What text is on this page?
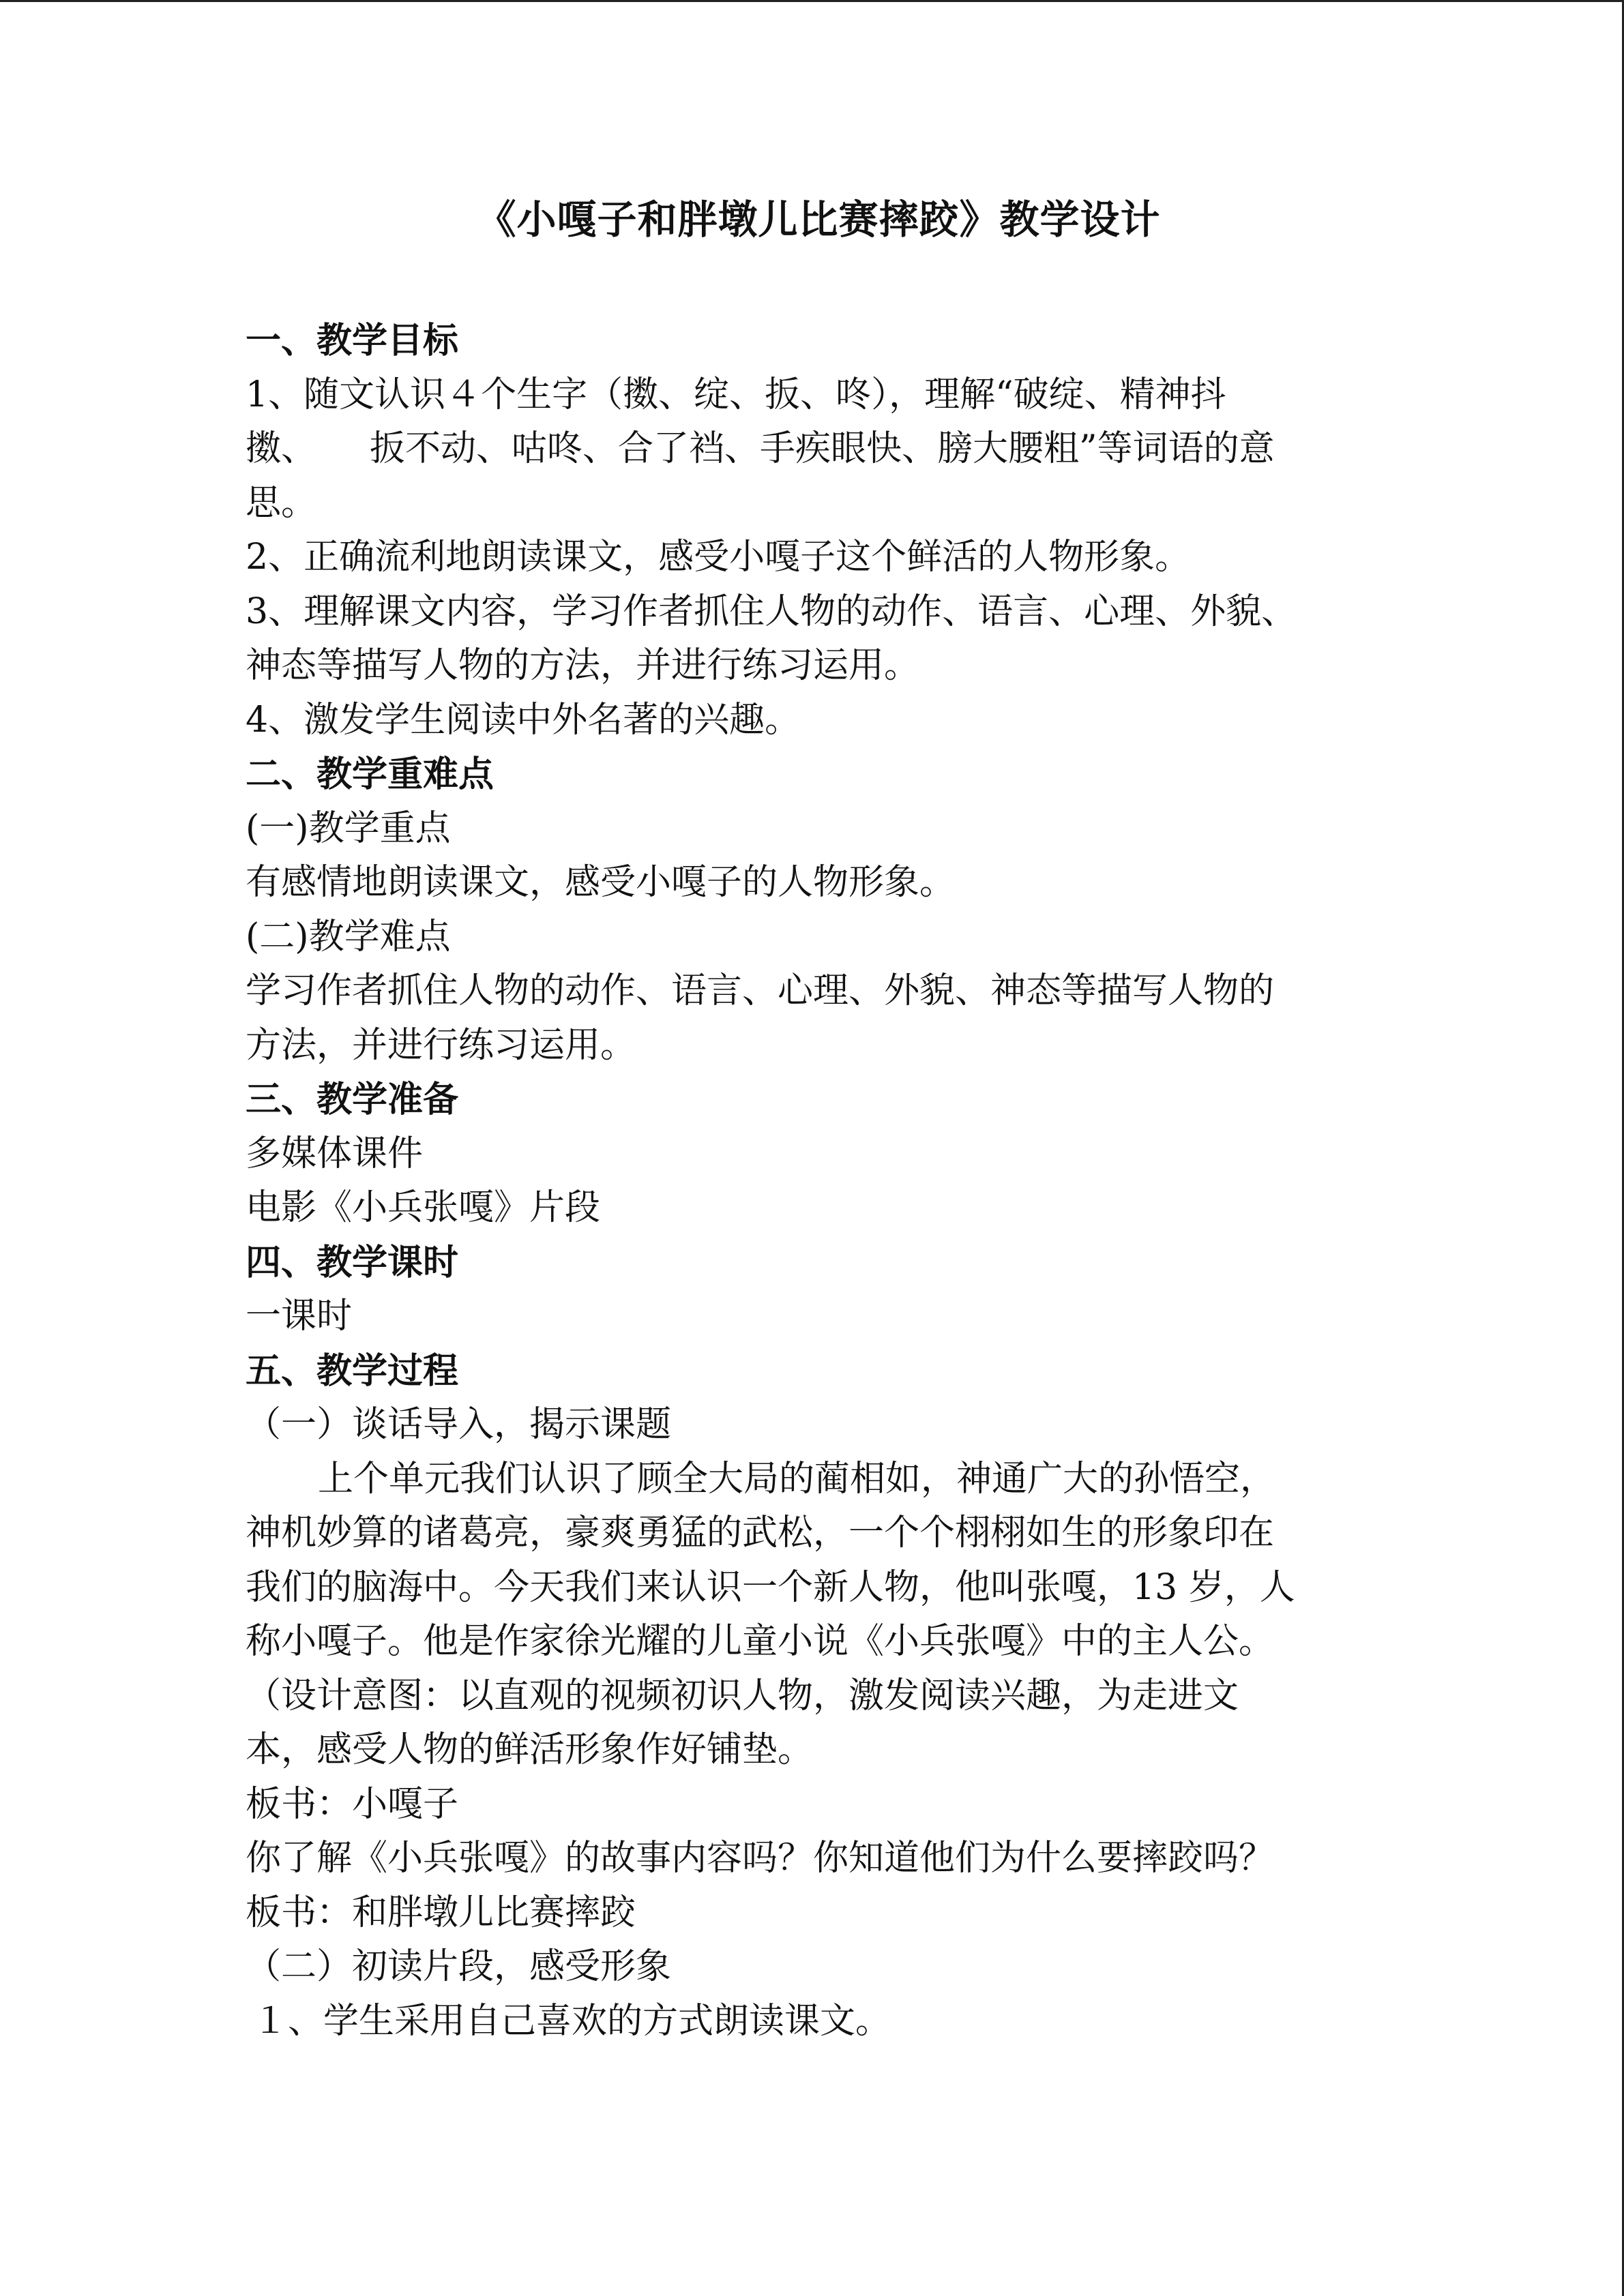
《小嘎子和胖墩儿比赛摔跤》教学设计

一、教学目标

1、随文认识４个生字（擞、绽、扳、咚），理解“破绽、精神抖

擞、　　扳不动、咕咚、合了裆、手疾眼快、膀大腰粗”等词语的意

思。

2、正确流利地朗读课文，感受小嘎子这个鲜活的人物形象。

3、理解课文内容，学习作者抓住人物的动作、语言、心理、外貌、

神态等描写人物的方法，并进行练习运用。

4、激发学生阅读中外名著的兴趣。

二、教学重难点

(一)教学重点

有感情地朗读课文，感受小嘎子的人物形象。

(二)教学难点

学习作者抓住人物的动作、语言、心理、外貌、神态等描写人物的

方法，并进行练习运用。

三、教学准备

多媒体课件

电影《小兵张嘎》片段

四、教学课时

一课时

五、教学过程

（一）谈话导入，揭示课题

上个单元我们认识了顾全大局的蔺相如，神通广大的孙悟空，

神机妙算的诸葛亮，豪爽勇猛的武松，一个个栩栩如生的形象印在

我们的脑海中。今天我们来认识一个新人物，他叫张嘎，13 岁，人

称小嘎子。他是作家徐光耀的儿童小说《小兵张嘎》中的主人公。

（设计意图：以直观的视频初识人物，激发阅读兴趣，为走进文

本，感受人物的鲜活形象作好铺垫。

板书：小嘎子

你了解《小兵张嘎》的故事内容吗？你知道他们为什么要摔跤吗？

板书：和胖墩儿比赛摔跤

（二）初读片段，感受形象

１、学生采用自己喜欢的方式朗读课文。
